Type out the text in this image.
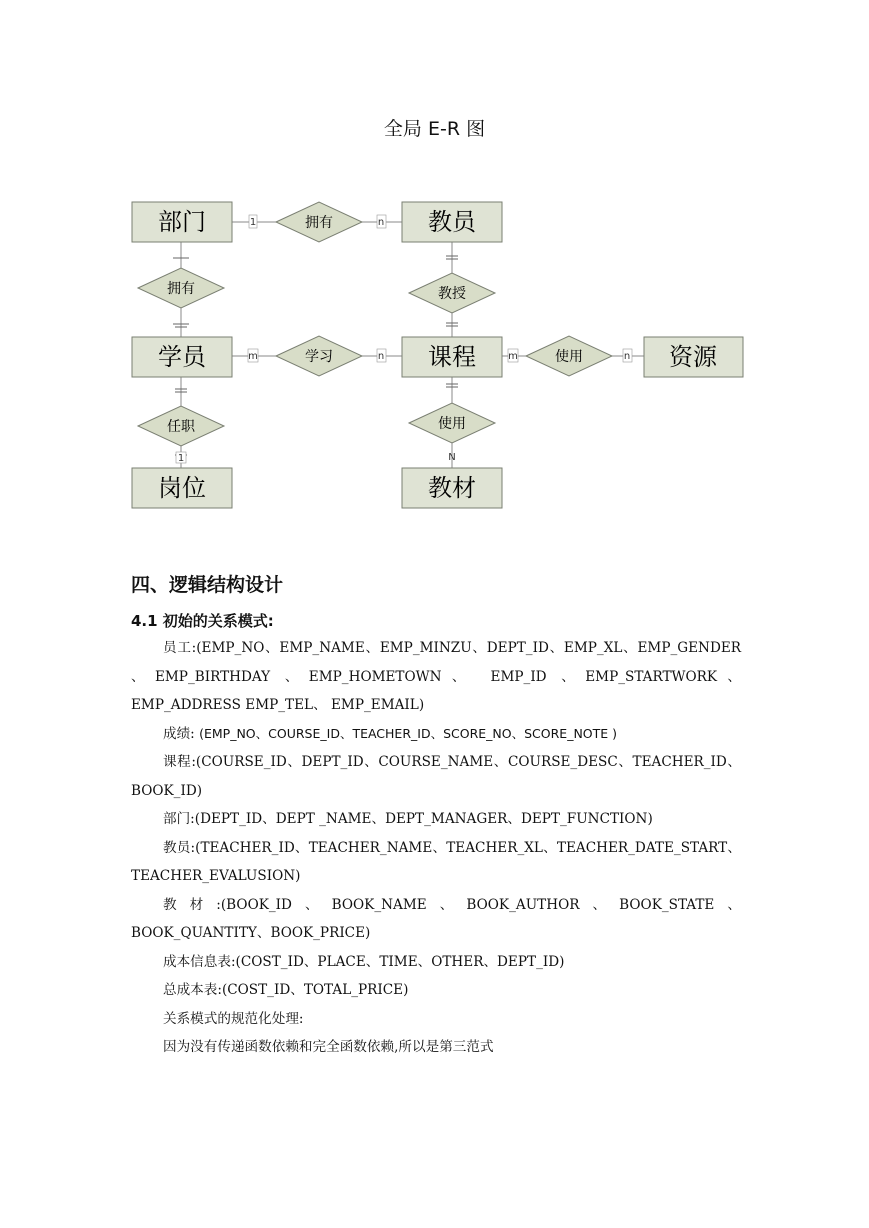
全局 E-R 图
部门	教员
学员	课程	资源
岗位	教材
拥有
拥有	教授
学习	使用
任职	使用
1	n
m	n	m	n
1	N
四、逻辑结构设计
4.1 初始的关系模式:

员工:(EMP_NO、EMP_NAME、EMP_MINZU、DEPT_ID、EMP_XL、EMP_GENDER 、EMP_BIRTHDAY 、EMP_HOMETOWN、 EMP_ID 、EMP_STARTWORK、EMP_ADDRESS EMP_TEL、 EMP_EMAIL)

成绩: (EMP_NO、COURSE_ID、TEACHER_ID、SCORE_NO、SCORE_NOTE )

课程:(COURSE_ID、DEPT_ID、COURSE_NAME、COURSE_DESC、TEACHER_ID、BOOK_ID)

部门:(DEPT_ID、DEPT _NAME、DEPT_MANAGER、DEPT_FUNCTION)

教员:(TEACHER_ID、TEACHER_NAME、TEACHER_XL、TEACHER_DATE_START、TEACHER_EVALUSION)

教材:(BOOK_ID、BOOK_NAME、BOOK_AUTHOR、BOOK_STATE、BOOK_QUANTITY、BOOK_PRICE)

成本信息表:(COST_ID、PLACE、TIME、OTHER、DEPT_ID)

总成本表:(COST_ID、TOTAL_PRICE)

关系模式的规范化处理:

因为没有传递函数依赖和完全函数依赖,所以是第三范式
